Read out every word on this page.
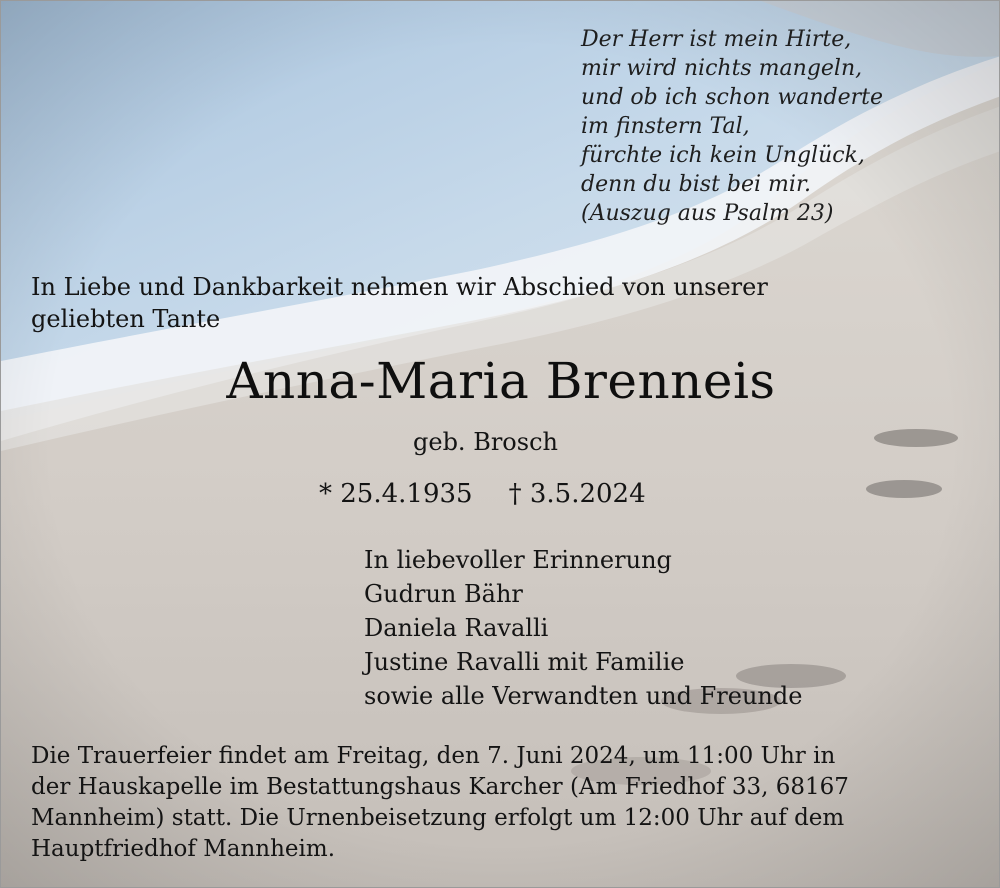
Der Herr ist mein Hirte,
mir wird nichts mangeln,
und ob ich schon wanderte
im finstern Tal,
fürchte ich kein Unglück,
denn du bist bei mir.
(Auszug aus Psalm 23)
In Liebe und Dankbarkeit nehmen wir Abschied von unserer
geliebten Tante
Anna-Maria Brenneis
geb. Brosch
* 25.4.1935 † 3.5.2024
In liebevoller Erinnerung
Gudrun Bähr
Daniela Ravalli
Justine Ravalli mit Familie
sowie alle Verwandten und Freunde
Die Trauerfeier findet am Freitag, den 7. Juni 2024, um 11:00 Uhr in
der Hauskapelle im Bestattungshaus Karcher (Am Friedhof 33, 68167
Mannheim) statt. Die Urnenbeisetzung erfolgt um 12:00 Uhr auf dem
Hauptfriedhof Mannheim.
